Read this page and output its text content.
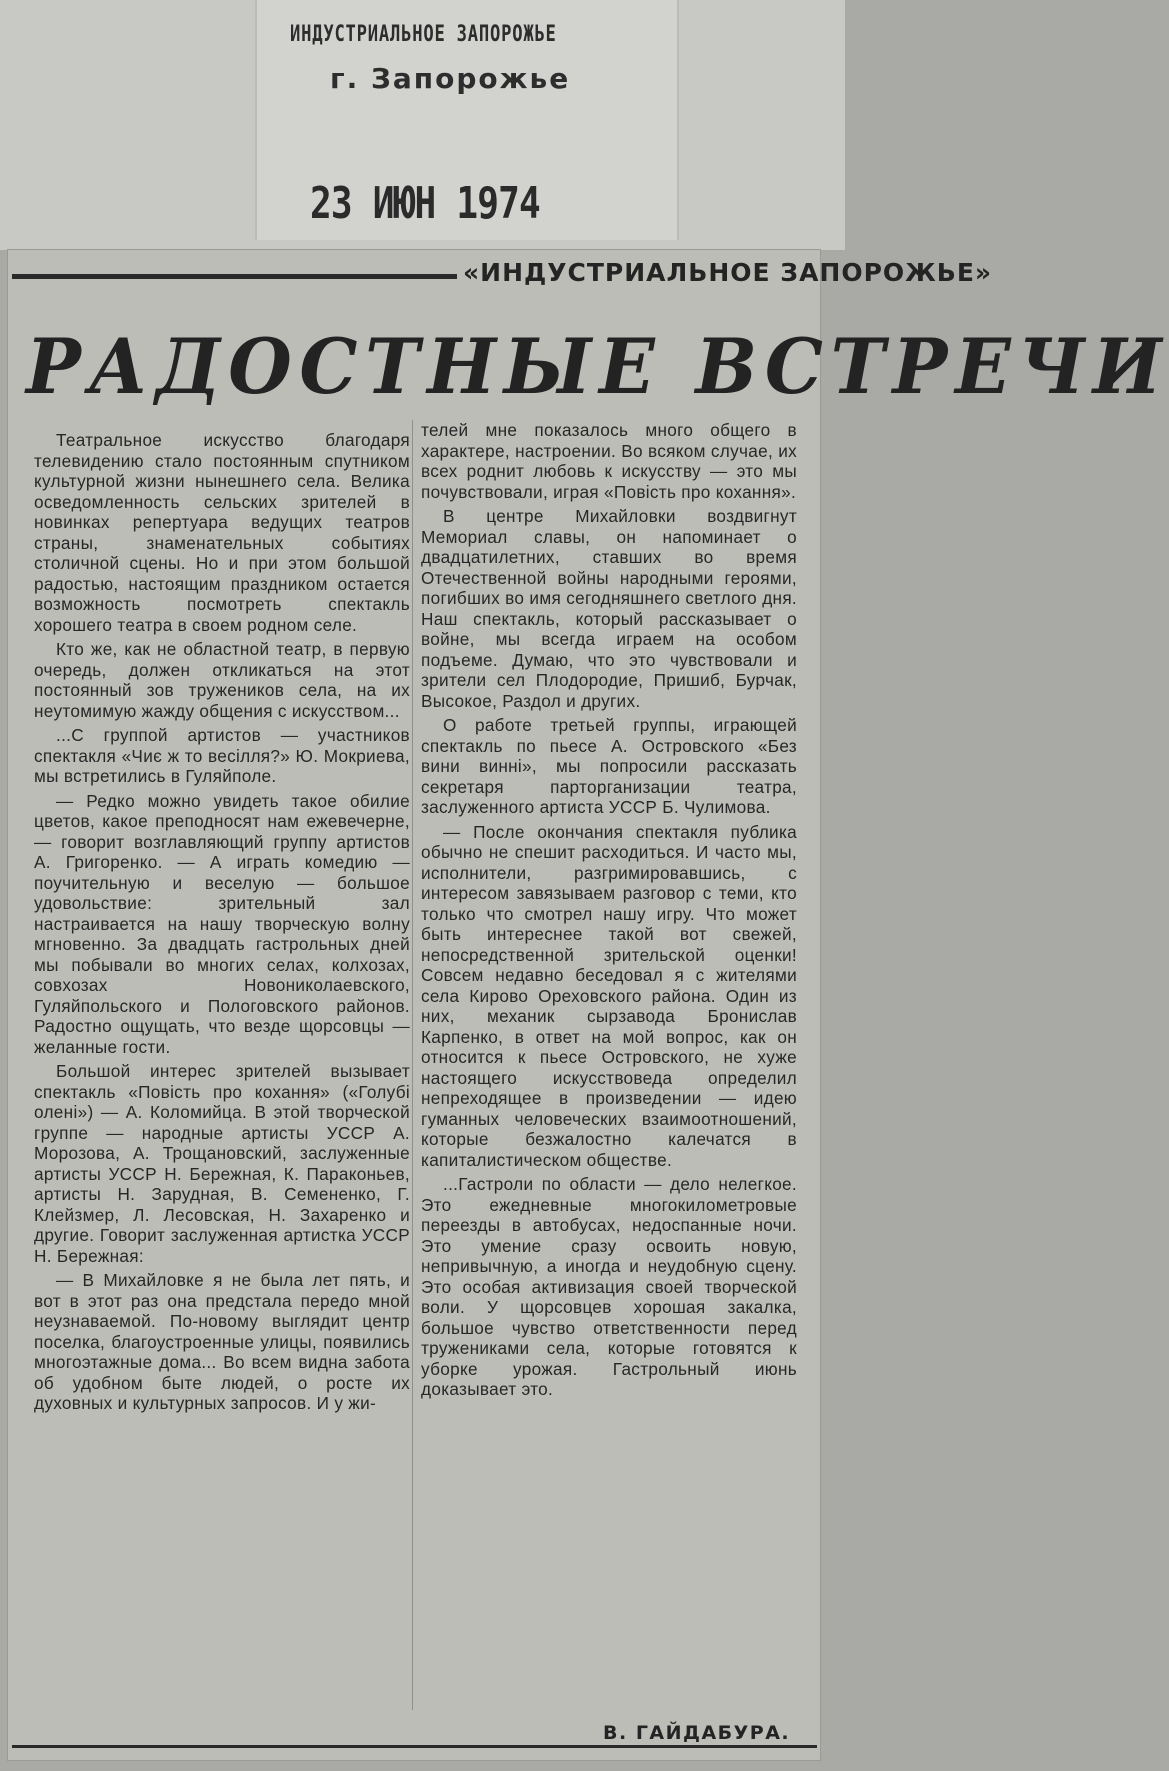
ИНДУСТРИАЛЬНОЕ ЗАПОРОЖЬЕ
г. Запорожье
23 ИЮН 1974
«ИНДУСТРИАЛЬНОЕ ЗАПОРОЖЬЕ»
РАДОСТНЫЕ ВСТРЕЧИ

Театральное искусство благодаря телевидению стало постоянным спутником культурной жизни нынешнего села. Велика осведомленность сельских зрителей в новинках репертуара ведущих театров страны, знаменательных событиях столичной сцены. Но и при этом большой радостью, настоящим праздником остается возможность посмотреть спектакль хорошего театра в своем родном селе.

Кто же, как не областной театр, в первую очередь, должен откликаться на этот постоянный зов тружеников села, на их неутомимую жажду общения с искусством...

...С группой артистов — участников спектакля «Чиє ж то весілля?» Ю. Мокриева, мы встретились в Гуляйполе.

— Редко можно увидеть такое обилие цветов, какое преподносят нам ежевечерне, — говорит возглавляющий группу артистов А. Григоренко. — А играть комедию — поучительную и веселую — большое удовольствие: зрительный зал настраивается на нашу творческую волну мгновенно. За двадцать гастрольных дней мы побывали во многих селах, колхозах, совхозах Новониколаевского, Гуляйпольского и Пологовского районов. Радостно ощущать, что везде щорсовцы — желанные гости.

Большой интерес зрителей вызывает спектакль «Повість про кохання» («Голубі олені») — А. Коломийца. В этой творческой группе — народные артисты УССР А. Морозова, А. Трощановский, заслуженные артисты УССР Н. Бережная, К. Параконьев, артисты Н. Зарудная, В. Семененко, Г. Клейзмер, Л. Лесовская, Н. Захаренко и другие. Говорит заслуженная артистка УССР Н. Бережная:

— В Михайловке я не была лет пять, и вот в этот раз она предстала передо мной неузнаваемой. По-новому выглядит центр поселка, благоустроенные улицы, появились многоэтажные дома... Во всем видна забота об удобном быте людей, о росте их духовных и культурных запросов. И у жи-

телей мне показалось много общего в характере, настроении. Во всяком случае, их всех роднит любовь к искусству — это мы почувствовали, играя «Повість про кохання».

В центре Михайловки воздвигнут Мемориал славы, он напоминает о двадцатилетних, ставших во время Отечественной войны народными героями, погибших во имя сегодняшнего светлого дня. Наш спектакль, который рассказывает о войне, мы всегда играем на особом подъеме. Думаю, что это чувствовали и зрители сел Плодородие, Пришиб, Бурчак, Высокое, Раздол и других.

О работе третьей группы, играющей спектакль по пьесе А. Островского «Без вини винні», мы попросили рассказать секретаря парторганизации театра, заслуженного артиста УССР Б. Чулимова.

— После окончания спектакля публика обычно не спешит расходиться. И часто мы, исполнители, разгримировавшись, с интересом завязываем разговор с теми, кто только что смотрел нашу игру. Что может быть интереснее такой вот свежей, непосредственной зрительской оценки! Совсем недавно беседовал я с жителями села Кирово Ореховского района. Один из них, механик сырзавода Бронислав Карпенко, в ответ на мой вопрос, как он относится к пьесе Островского, не хуже настоящего искусствоведа определил непреходящее в произведении — идею гуманных человеческих взаимоотношений, которые безжалостно калечатся в капиталистическом обществе.

...Гастроли по области — дело нелегкое. Это ежедневные многокилометровые переезды в автобусах, недоспанные ночи. Это умение сразу освоить новую, непривычную, а иногда и неудобную сцену. Это особая активизация своей творческой воли. У щорсовцев хорошая закалка, большое чувство ответственности перед тружениками села, которые готовятся к уборке урожая. Гастрольный июнь доказывает это.

В. ГАЙДАБУРА.
